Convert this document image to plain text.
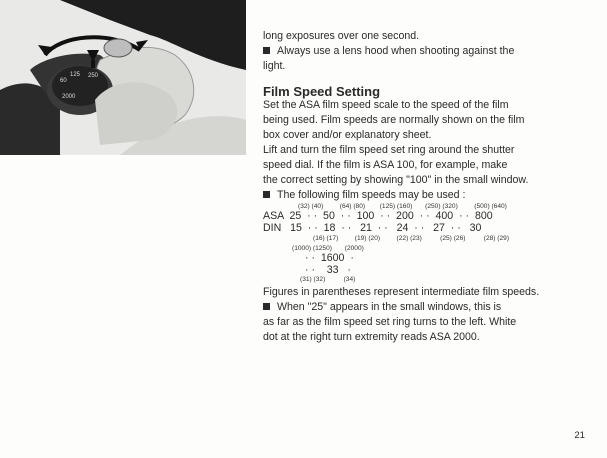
60
125 250
2000
long exposures over one second.
Always use a lens hood when shooting against the
light.
Film Speed Setting
Set the ASA film speed scale to the speed of the film
being used. Film speeds are normally shown on the film
box cover and/or explanatory sheet.
Lift and turn the film speed set ring around the shutter
speed dial. If the film is ASA 100, for example, make
the correct setting by showing "100" in the small window.
The following film speeds may be used :
(32) (40)         (64) (80)        (125) (160)       (250) (320)         (500) (640)
ASA  25  · ·  50  · ·  100  · ·  200  · ·  400  · ·  800
DIN   15  · ·  18  · ·   21  · ·   24  · ·   27  · ·   30
(16) (17)         (19) (20)         (22) (23)          (25) (26)          (28) (29)
(1000) (1250)       (2000)
· ·  1600  ·
· ·    33   ·
(31) (32)          (34)
Figures in parentheses represent intermediate film speeds.
When "25" appears in the small windows, this is
as far as the film speed set ring turns to the left. White
dot at the right turn extremity reads ASA 2000.
21
